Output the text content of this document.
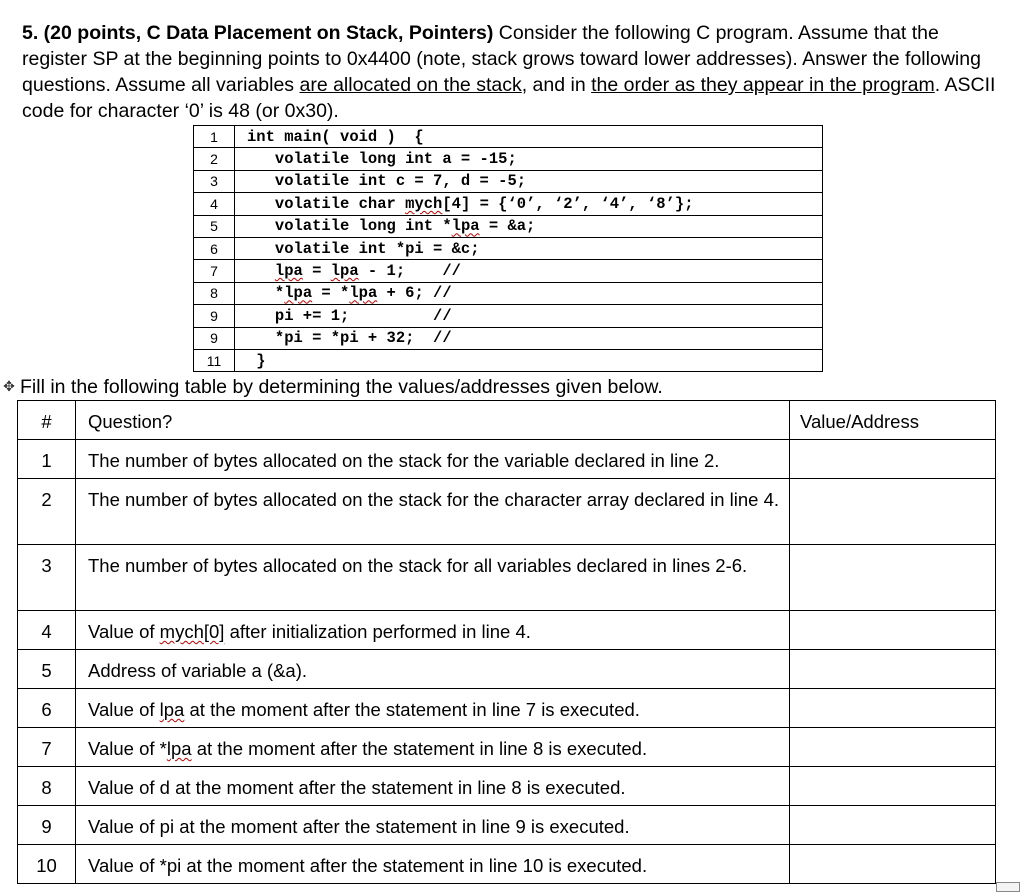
5. (20 points, C Data Placement on Stack, Pointers) Consider the following C program. Assume that the register SP at the beginning points to 0x4400 (note, stack grows toward lower addresses). Answer the following questions. Assume all variables are allocated on the stack, and in the order as they appear in the program. ASCII code for character ‘0’ is 48 (or 0x30).
1	int main( void )  {
2	volatile long int a = -15;
3	volatile int c = 7, d = -5;
4	volatile char mych[4] = {‘0’, ‘2’, ‘4’, ‘8’};
5	volatile long int *lpa = &a;
6	volatile int *pi = &c;
7	lpa = lpa - 1;    //
8	*lpa = *lpa + 6; //
9	pi += 1;         //
9	*pi = *pi + 32;  //
11	}
✥ Fill in the following table by determining the values/addresses given below.
#	Question?	Value/Address

1	The number of bytes allocated on the stack for the variable declared in line 2.	

2	The number of bytes allocated on the stack for the character array declared in line 4.	

3	The number of bytes allocated on the stack for all variables declared in lines 2-6.	

4	Value of mych[0] after initialization performed in line 4.	

5	Address of variable a (&a).	

6	Value of lpa at the moment after the statement in line 7 is executed.	

7	Value of *lpa at the moment after the statement in line 8 is executed.	

8	Value of d at the moment after the statement in line 8 is executed.	

9	Value of pi at the moment after the statement in line 9 is executed.	

10	Value of *pi at the moment after the statement in line 10 is executed.	
